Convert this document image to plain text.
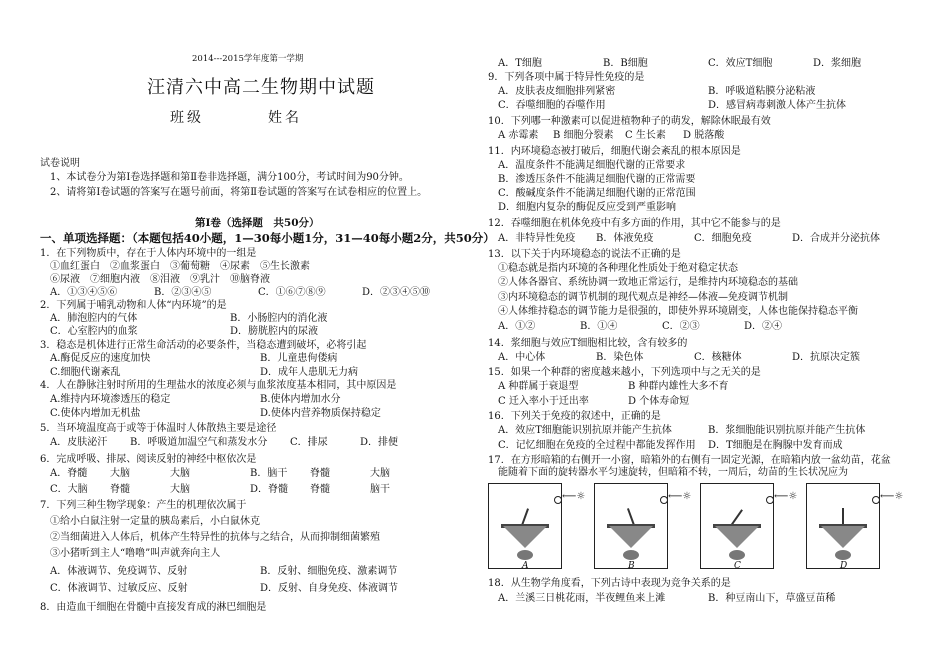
2014---2015学年度第一学期
汪清六中高二生物期中试题
班级	姓名
试卷说明
1、本试卷分为第Ⅰ卷选择题和第Ⅱ卷非选择题，满分100分，考试时间为90分钟。
2、请将第Ⅰ卷试题的答案写在题号前面，将第Ⅱ卷试题的答案写在试卷相应的位置上。
第Ⅰ卷（选择题　共50分）
一、单项选择题：（本题包括40小题，1—30每小题1分，31—40每小题2分，共50分）
1．在下列物质中，存在于人体内环境中的一组是
①血红蛋白　②血浆蛋白　③葡萄糖　④尿素　⑤生长激素
⑥尿液　⑦细胞内液　⑧泪液　⑨乳汁　⑩脑脊液
A．①③④⑤⑥	B．②③④⑤	C．①⑥⑦⑧⑨	D．②③④⑤⑩
2．下列属于哺乳动物和人体“内环境”的是
A．肺泡腔内的气体	B．小肠腔内的消化液
C．心室腔内的血浆	D．膀胱腔内的尿液
3．稳态是机体进行正常生命活动的必要条件，当稳态遭到破坏，必将引起
A.酶促反应的速度加快	B．儿童患佝偻病
C.细胞代谢紊乱	D．成年人患肌无力病
4．人在静脉注射时所用的生理盐水的浓度必须与血浆浓度基本相同，其中原因是
A.维持内环境渗透压的稳定	B.使体内增加水分
C.使体内增加无机盐	D.使体内营养物质保持稳定
5．当环境温度高于或等于体温时人体散热主要是途径
A．皮肤泌汗 B．呼吸道加温空气和蒸发水分 C．排尿	D．排便
6．完成呼吸、排尿、阅读反射的神经中枢依次是
A．脊髓 大脑	大脑	B．脑干 脊髓	大脑
C．大脑 脊髓	大脑	D．脊髓 脊髓	脑干
7．下列三种生物学现象：产生的机理依次属于
①给小白鼠注射一定量的胰岛素后，小白鼠休克
②当细菌进入人体后，机体产生特异性的抗体与之结合，从而抑制细菌繁殖
③小猪听到主人“噜噜”叫声就奔向主人
A．体液调节、免疫调节、反射	B．反射、细胞免疫、激素调节
C．体液调节、过敏反应、反射	D．反射、自身免疫、体液调节
8．由造血干细胞在骨髓中直接发育成的淋巴细胞是
A．T细胞	B．B细胞	C．效应T细胞	D．浆细胞
9．下列各项中属于特异性免疫的是
A．皮肤表皮细胞排列紧密	B．呼吸道粘膜分泌粘液
C．吞噬细胞的吞噬作用	D．感冒病毒刺激人体产生抗体
10．下列哪一种激素可以促进植物种子的萌发，解除休眠最有效
A 赤霉素 B 细胞分裂素 C 生长素 D 脱落酸
11．内环境稳态被打破后，细胞代谢会紊乱的根本原因是
A．温度条件不能满足细胞代谢的正常要求
B．渗透压条件不能满足细胞代谢的正常需要
C．酸碱度条件不能满足细胞代谢的正常范围
D．细胞内复杂的酶促反应受到严重影响
12．吞噬细胞在机体免疫中有多方面的作用，其中它不能参与的是
A．非特异性免疫 B．体液免疫	C．细胞免疫	D．合成并分泌抗体
13．以下关于内环境稳态的说法不正确的是
①稳态就是指内环境的各种理化性质处于绝对稳定状态
②人体各器官、系统协调一致地正常运行，是维持内环境稳态的基础
③内环境稳态的调节机制的现代观点是神经—体液—免疫调节机制
④人体维持稳态的调节能力是很强的，即使外界环境剧变，人体也能保持稳态平衡
A．①②	B．①④	C．②③	D．②④
14．浆细胞与效应T细胞相比较，含有较多的
A．中心体	B．染色体	C．核糖体	D．抗原决定簇
15．如果一个种群的密度越来越小，下列选项中与之无关的是
A 种群属于衰退型	B 种群内雄性大多不育
C 迁入率小于迁出率	D 个体寿命短
16．下列关于免疫的叙述中，正确的是
A．效应T细胞能识别抗原并能产生抗体	B．浆细胞能识别抗原并能产生抗体
C．记忆细胞在免疫的全过程中都能发挥作用 D．T细胞是在胸腺中发育而成
17．在方形暗箱的右侧开一小窗，暗箱外的右侧有一固定光源，在暗箱内放一盆幼苗，花盆
能随着下面的旋转器水平匀速旋转，但暗箱不转，一周后，幼苗的生长状况应为
⟵☼	⟵☼	⟵☼	⟵☼
A	B	C	D
18．从生物学角度看，下列古诗中表现为竞争关系的是
A．兰溪三日桃花雨，半夜鲤鱼来上滩	B．种豆南山下，草盛豆苗稀
